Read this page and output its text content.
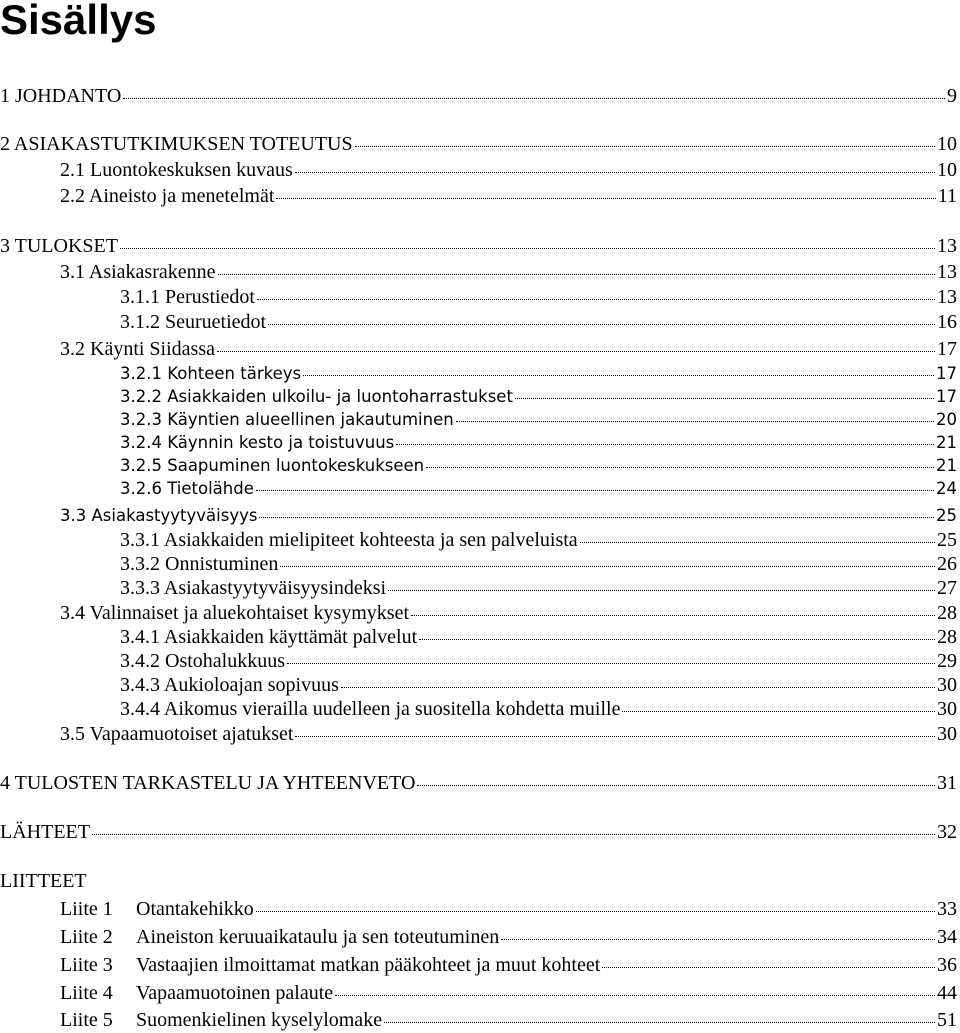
Sisällys
1 JOHDANTO	9
2 ASIAKASTUTKIMUKSEN TOTEUTUS	10
2.1 Luontokeskuksen kuvaus	10
2.2 Aineisto ja menetelmät	11
3 TULOKSET	13
3.1 Asiakasrakenne	13
3.1.1 Perustiedot	13
3.1.2 Seuruetiedot	16
3.2 Käynti Siidassa	17
3.2.1 Kohteen tärkeys	17
3.2.2 Asiakkaiden ulkoilu- ja luontoharrastukset	17
3.2.3 Käyntien alueellinen jakautuminen	20
3.2.4 Käynnin kesto ja toistuvuus	21
3.2.5 Saapuminen luontokeskukseen	21
3.2.6 Tietolähde	24
3.3 Asiakastyytyväisyys	25
3.3.1 Asiakkaiden mielipiteet kohteesta ja sen palveluista	25
3.3.2 Onnistuminen	26
3.3.3 Asiakastyytyväisyysindeksi	27
3.4 Valinnaiset ja aluekohtaiset kysymykset	28
3.4.1 Asiakkaiden käyttämät palvelut	28
3.4.2 Ostohalukkuus	29
3.4.3 Aukioloajan sopivuus	30
3.4.4 Aikomus vierailla uudelleen ja suositella kohdetta muille	30
3.5 Vapaamuotoiset ajatukset	30
4 TULOSTEN TARKASTELU JA YHTEENVETO	31
LÄHTEET	32
LIITTEET
Liite 1	Otantakehikko	33
Liite 2	Aineiston keruuaikataulu ja sen toteutuminen	34
Liite 3	Vastaajien ilmoittamat matkan pääkohteet ja muut kohteet	36
Liite 4	Vapaamuotoinen palaute	44
Liite 5	Suomenkielinen kyselylomake	51
